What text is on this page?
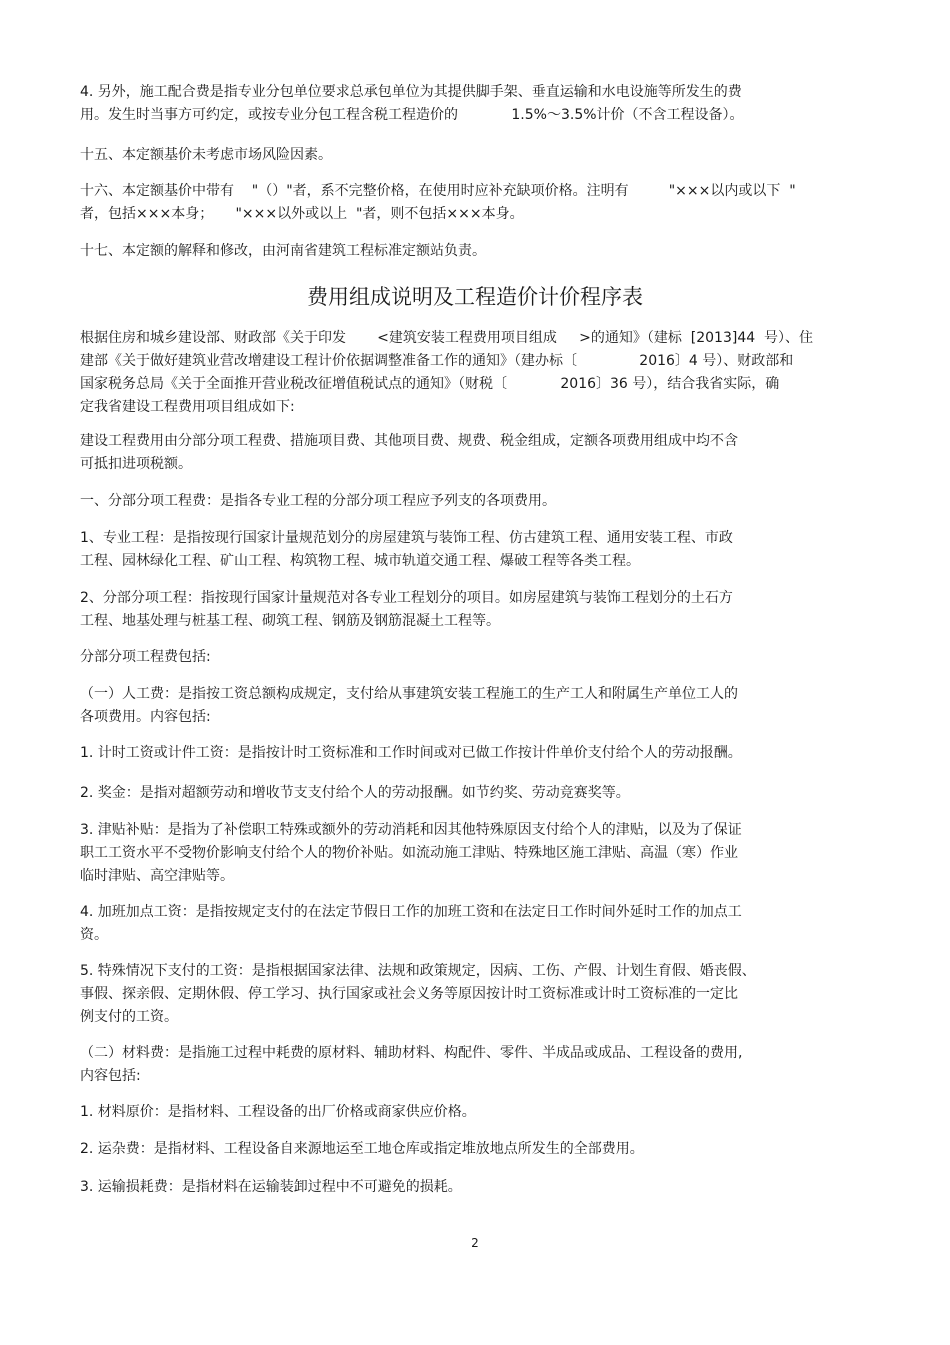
4. 另外，施工配合费是指专业分包单位要求总承包单位为其提供脚手架、垂直运输和水电设施等所发生的费
用。发生时当事方可约定，或按专业分包工程含税工程造价的            1.5%～3.5%计价（不含工程设备）。

十五、本定额基价未考虑市场风险因素。

十六、本定额基价中带有    "（）"者，系不完整价格，在使用时应补充缺项价格。注明有         "×××以内或以下  "
者，包括×××本身；     "×××以外或以上  "者，则不包括×××本身。

十七、本定额的解释和修改，由河南省建筑工程标准定额站负责。

费用组成说明及工程造价计价程序表

根据住房和城乡建设部、财政部《关于印发       <建筑安装工程费用项目组成     >的通知》（建标  [2013]44  号）、住
建部《关于做好建筑业营改增建设工程计价依据调整准备工作的通知》（建办标〔              2016〕4 号）、财政部和
国家税务总局《关于全面推开营业税改征增值税试点的通知》（财税〔            2016〕36 号），结合我省实际，确
定我省建设工程费用项目组成如下:

建设工程费用由分部分项工程费、措施项目费、其他项目费、规费、税金组成，定额各项费用组成中均不含
可抵扣进项税额。

一、分部分项工程费：是指各专业工程的分部分项工程应予列支的各项费用。

1、专业工程：是指按现行国家计量规范划分的房屋建筑与装饰工程、仿古建筑工程、通用安装工程、市政
工程、园林绿化工程、矿山工程、构筑物工程、城市轨道交通工程、爆破工程等各类工程。

2、分部分项工程：指按现行国家计量规范对各专业工程划分的项目。如房屋建筑与装饰工程划分的土石方
工程、地基处理与桩基工程、砌筑工程、钢筋及钢筋混凝土工程等。

分部分项工程费包括:

（一）人工费：是指按工资总额构成规定，支付给从事建筑安装工程施工的生产工人和附属生产单位工人的
各项费用。内容包括:

1. 计时工资或计件工资：是指按计时工资标准和工作时间或对已做工作按计件单价支付给个人的劳动报酬。

2. 奖金：是指对超额劳动和增收节支支付给个人的劳动报酬。如节约奖、劳动竞赛奖等。

3. 津贴补贴：是指为了补偿职工特殊或额外的劳动消耗和因其他特殊原因支付给个人的津贴，以及为了保证
职工工资水平不受物价影响支付给个人的物价补贴。如流动施工津贴、特殊地区施工津贴、高温（寒）作业
临时津贴、高空津贴等。

4. 加班加点工资：是指按规定支付的在法定节假日工作的加班工资和在法定日工作时间外延时工作的加点工
资。

5. 特殊情况下支付的工资：是指根据国家法律、法规和政策规定，因病、工伤、产假、计划生育假、婚丧假、
事假、探亲假、定期休假、停工学习、执行国家或社会义务等原因按计时工资标准或计时工资标准的一定比
例支付的工资。

（二）材料费：是指施工过程中耗费的原材料、辅助材料、构配件、零件、半成品或成品、工程设备的费用,
内容包括:

1. 材料原价：是指材料、工程设备的出厂价格或商家供应价格。

2. 运杂费：是指材料、工程设备自来源地运至工地仓库或指定堆放地点所发生的全部费用。

3. 运输损耗费：是指材料在运输装卸过程中不可避免的损耗。

2
